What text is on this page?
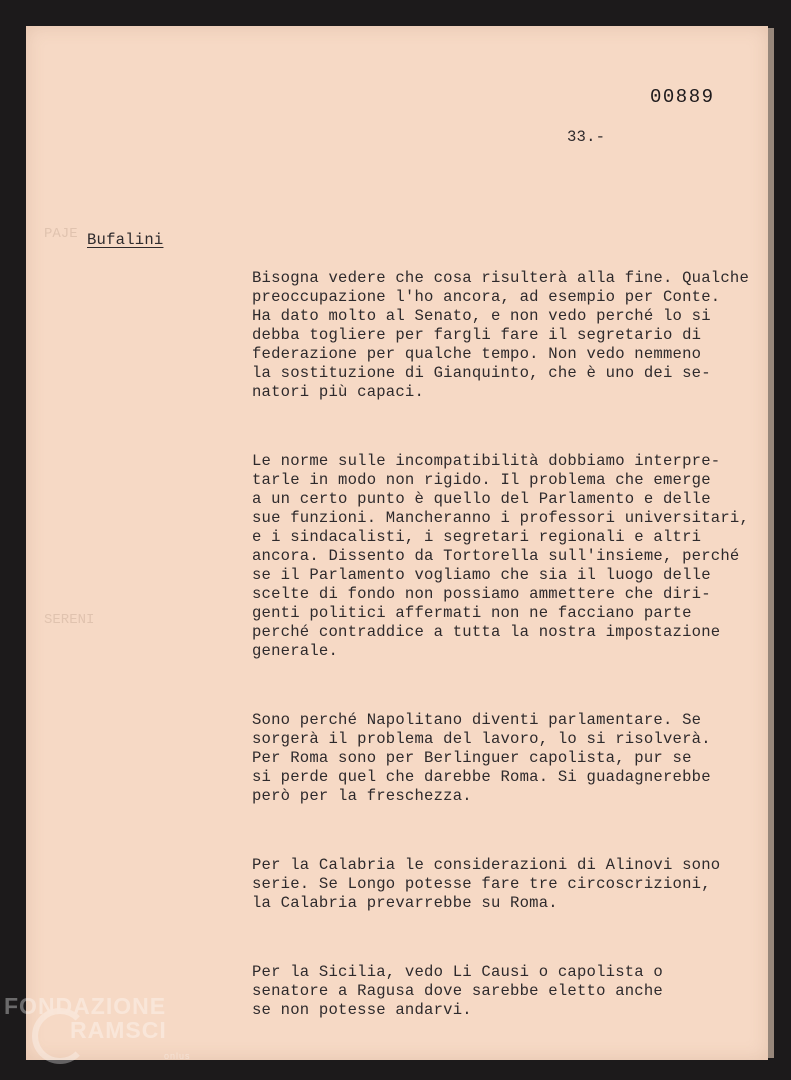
PAJE
SERENI
00889
33.-
Bufalini

Bisogna vedere che cosa risulterà alla fine. Qualche
preoccupazione l'ho ancora, ad esempio per Conte.
Ha dato molto al Senato, e non vedo perché lo si
debba togliere per fargli fare il segretario di
federazione per qualche tempo. Non vedo nemmeno
la sostituzione di Gianquinto, che è uno dei se-
natori più capaci.

Le norme sulle incompatibilità dobbiamo interpre-
tarle in modo non rigido. Il problema che emerge
a un certo punto è quello del Parlamento e delle
sue funzioni. Mancheranno i professori universitari,
e i sindacalisti, i segretari regionali e altri
ancora. Dissento da Tortorella sull'insieme, perché
se il Parlamento vogliamo che sia il luogo delle
scelte di fondo non possiamo ammettere che diri-
genti politici affermati non ne facciano parte
perché contraddice a tutta la nostra impostazione
generale.

Sono perché Napolitano diventi parlamentare. Se
sorgerà il problema del lavoro, lo si risolverà.
Per Roma sono per Berlinguer capolista, pur se
si perde quel che darebbe Roma. Si guadagnerebbe
però per la freschezza.

Per la Calabria le considerazioni di Alinovi sono
serie. Se Longo potesse fare tre circoscrizioni,
la Calabria prevarrebbe su Roma.

Per la Sicilia, vedo Li Causi o capolista o
senatore a Ragusa dove sarebbe eletto anche
se non potesse andarvi.

FONDAZIONE
RAMSCI
onlus
